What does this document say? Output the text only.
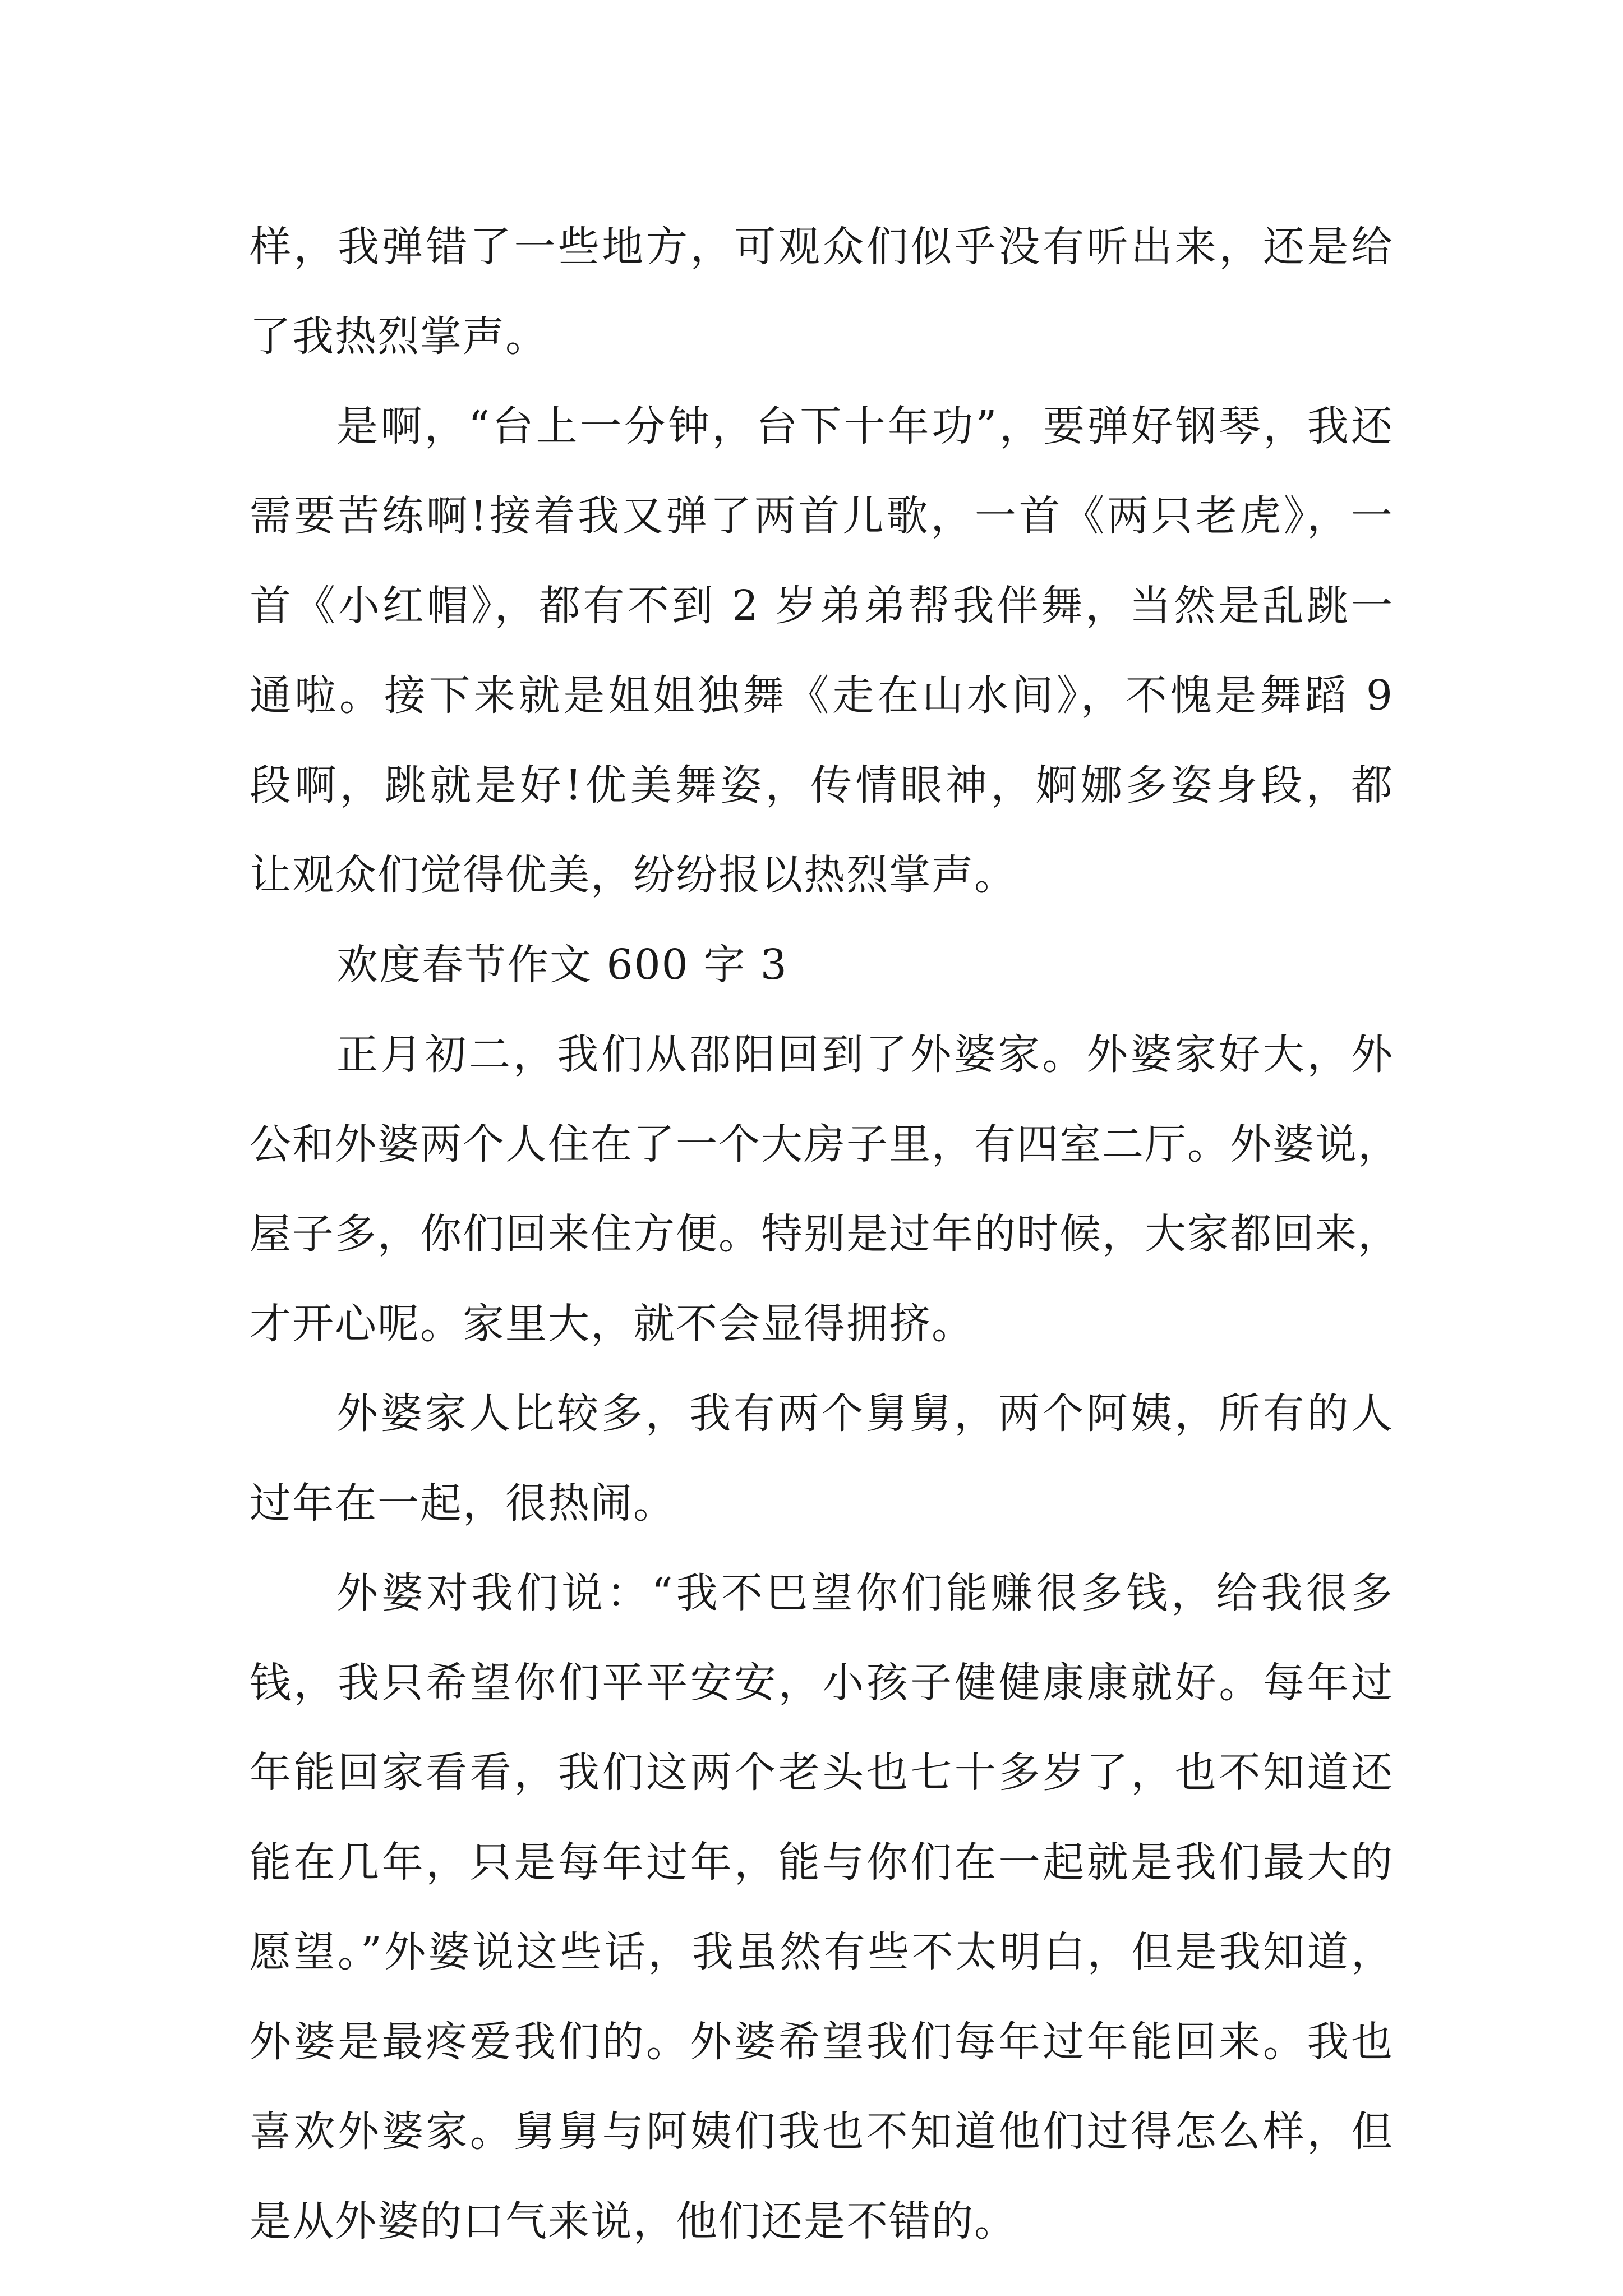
样，我弹错了一些地方，可观众们似乎没有听出来，还是给

了我热烈掌声。

是啊，“台上一分钟，台下十年功”，要弹好钢琴，我还

需要苦练啊!接着我又弹了两首儿歌，一首《两只老虎》，一

首《小红帽》，都有不到 2 岁弟弟帮我伴舞，当然是乱跳一

通啦。接下来就是姐姐独舞《走在山水间》，不愧是舞蹈 9

段啊，跳就是好!优美舞姿，传情眼神，婀娜多姿身段，都

让观众们觉得优美，纷纷报以热烈掌声。

欢度春节作文 600 字 3

正月初二，我们从邵阳回到了外婆家。外婆家好大，外

公和外婆两个人住在了一个大房子里，有四室二厅。外婆说，

屋子多，你们回来住方便。特别是过年的时候，大家都回来，

才开心呢。家里大，就不会显得拥挤。

外婆家人比较多，我有两个舅舅，两个阿姨，所有的人

过年在一起，很热闹。

外婆对我们说：“我不巴望你们能赚很多钱，给我很多

钱，我只希望你们平平安安，小孩子健健康康就好。每年过

年能回家看看，我们这两个老头也七十多岁了，也不知道还

能在几年，只是每年过年，能与你们在一起就是我们最大的

愿望。”外婆说这些话，我虽然有些不太明白，但是我知道，

外婆是最疼爱我们的。外婆希望我们每年过年能回来。我也

喜欢外婆家。舅舅与阿姨们我也不知道他们过得怎么样，但

是从外婆的口气来说，他们还是不错的。
